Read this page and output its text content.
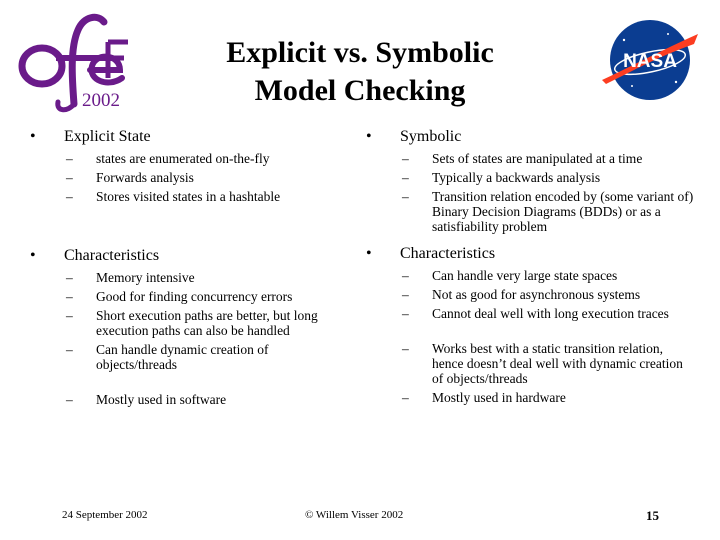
2002
Explicit vs. Symbolic
Model Checking
NASA
• Explicit State
– states are enumerated on-the-fly
– Forwards analysis
– Stores visited states in a hashtable
• Characteristics
– Memory intensive
– Good for finding concurrency errors
– Short execution paths are better, but long execution paths can also be handled
– Can handle dynamic creation of objects/threads
– Mostly used in software
• Symbolic
– Sets of states are manipulated at a time
– Typically a backwards analysis
– Transition relation encoded by (some variant of) Binary Decision Diagrams (BDDs) or as a satisfiability problem
• Characteristics
– Can handle very large state spaces
– Not as good for asynchronous systems
– Cannot deal well with long execution traces
– Works best with a static transition relation, hence doesn’t deal well with dynamic creation of objects/threads
– Mostly used in hardware
24 September 2002	© Willem Visser 2002	15
